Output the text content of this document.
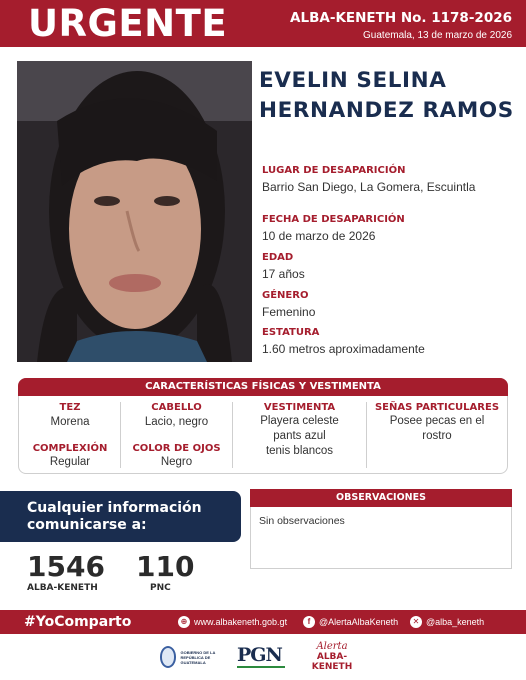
URGENTE	ALBA-KENETH No. 1178-2026
Guatemala, 13 de marzo de 2026
EVELIN SELINA
HERNANDEZ RAMOS
LUGAR DE DESAPARICIÓN
Barrio San Diego, La Gomera, Escuintla
FECHA DE DESAPARICIÓN
10 de marzo de 2026
EDAD
17 años
GÉNERO
Femenino
ESTATURA
1.60 metros aproximadamente
CARACTERÍSTICAS FÍSICAS Y VESTIMENTA
TEZ
Morena
COMPLEXIÓN
Regular
CABELLO
Lacio, negro
COLOR DE OJOS
Negro
VESTIMENTA
Playera celeste
pants azul
tenis blancos
SEÑAS PARTICULARES
Posee pecas en el
rostro
Cualquier información
comunicarse a:
1546
ALBA-KENETH
110
PNC
OBSERVACIONES
Sin observaciones
#YoComparto	⊕ www.albakeneth.gob.gt	f @AlertaAlbaKeneth	✕ @alba_keneth
GOBIERNO DE LA REPÚBLICA DE
GUATEMALA	PGN	Alerta
ALBA-KENETH
